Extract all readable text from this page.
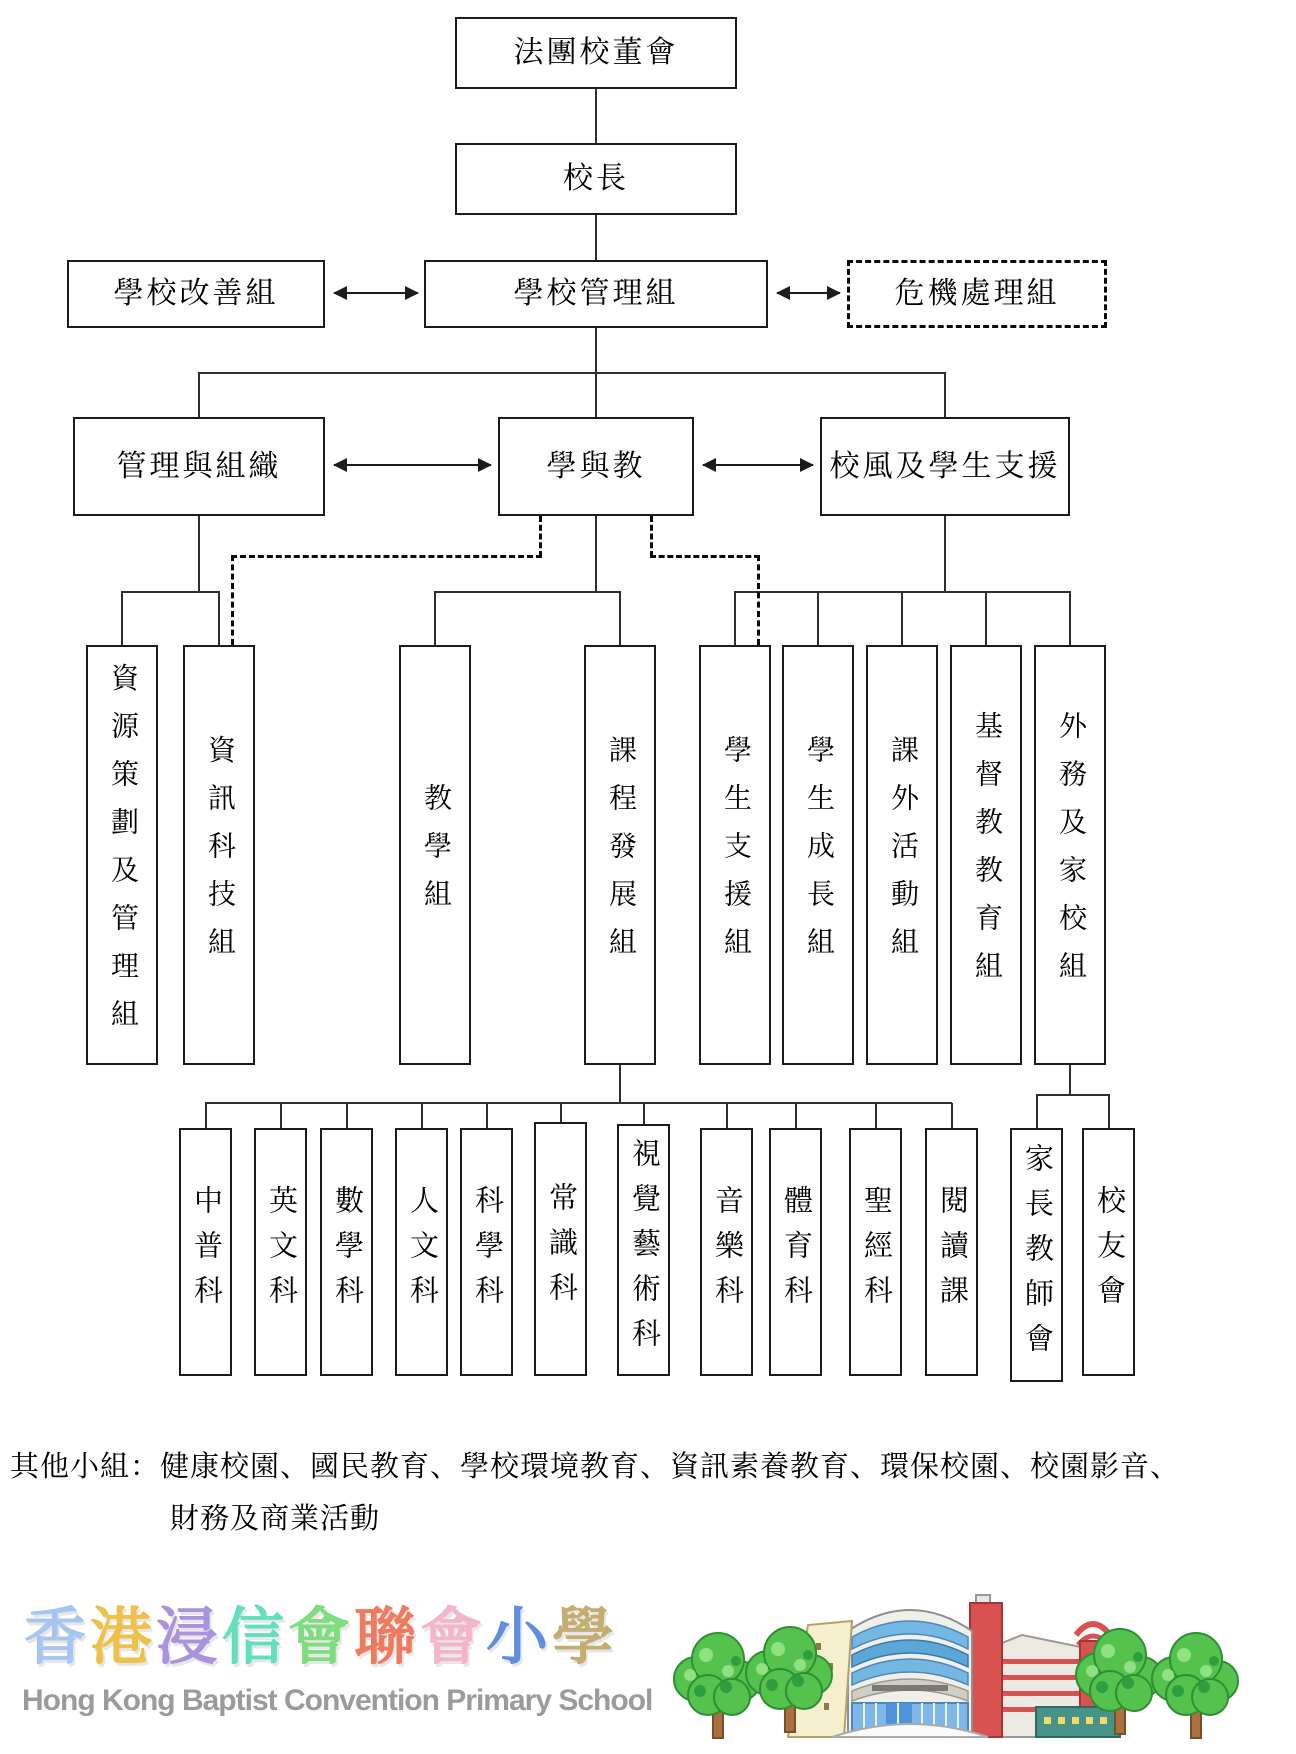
法團校董會
校長
學校改善組	學校管理組	危機處理組
管理與組織	學與教	校風及學生支援
資源策劃及管理組 資訊科技組	教學組	課程發展組	學生支援組 學生成長組 課外活動組 基督教教育組 外務及家校組
中普科 英文科 數學科 人文科 科學科 常識科 視覺藝術科 音樂科 體育科 聖經科 閱讀課 家長教師會 校友會
其他小組：健康校園、國民教育、學校環境教育、資訊素養教育、環保校園、校園影音、
財務及商業活動
香 港 浸 信 會 聯 會 小 學
Hong Kong Baptist Convention Primary School
